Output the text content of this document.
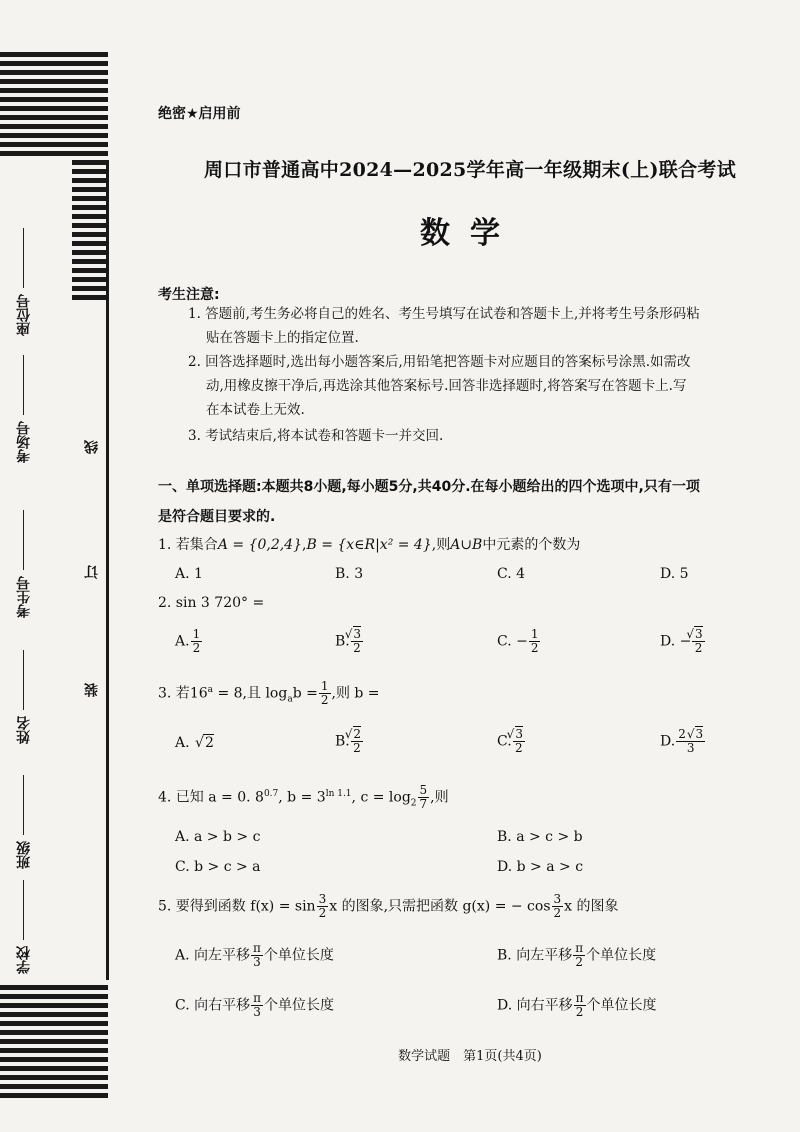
座位号
考场号
考生号
姓名
班级
学校
线
订
装
绝密★启用前
周口市普通高中2024—2025学年高一年级期末(上)联合考试
数学
考生注意:
1. 答题前,考生务必将自己的姓名、考生号填写在试卷和答题卡上,并将考生号条形码粘
贴在答题卡上的指定位置.
2. 回答选择题时,选出每小题答案后,用铅笔把答题卡对应题目的答案标号涂黑.如需改
动,用橡皮擦干净后,再选涂其他答案标号.回答非选择题时,将答案写在答题卡上.写
在本试卷上无效.
3. 考试结束后,将本试卷和答题卡一并交回.
一、单项选择题:本题共8小题,每小题5分,共40分.在每小题给出的四个选项中,只有一项
是符合题目要求的.
1. 若集合A = {0,2,4},B = {x∈R|x² = 4},则A∪B中元素的个数为
A. 1	B. 3	C. 4	D. 5
2. sin 3 720° =
A. $\frac{1}{2}$	B. √ $\frac{3}{2}$	C. − $\frac{1}{2}$	D. − √ $\frac{3}{2}$
3. 若$16^a = 8$,且 $\log_ab = \frac{1}{2}$ ,则 b =
A. √ 2	B. √ $\frac{2}{2}$	C. √ $\frac{3}{2}$	D. $\frac{2 √ 3}{3}$
4. 已知 a = 0. $8^{0.7}$, $b = 3^{ln 1.1}$, $c = \log_2 \frac{5}{7}$ ,则
A. a > b > c	B. a > c > b
C. b > c > a	D. b > a > c
5. 要得到函数 $f(x) = \sin \frac{3}{2}$ x 的图象,只需把函数 g(x) = − $\cos \frac{3}{2}$ x 的图象
A. 向左平移 $\frac{\pi}{3}$ 个单位长度	B. 向左平移 $\frac{\pi}{2}$ 个单位长度
C. 向右平移 $\frac{\pi}{3}$ 个单位长度	D. 向右平移 $\frac{\pi}{2}$ 个单位长度
数学试题　第1页(共4页)
